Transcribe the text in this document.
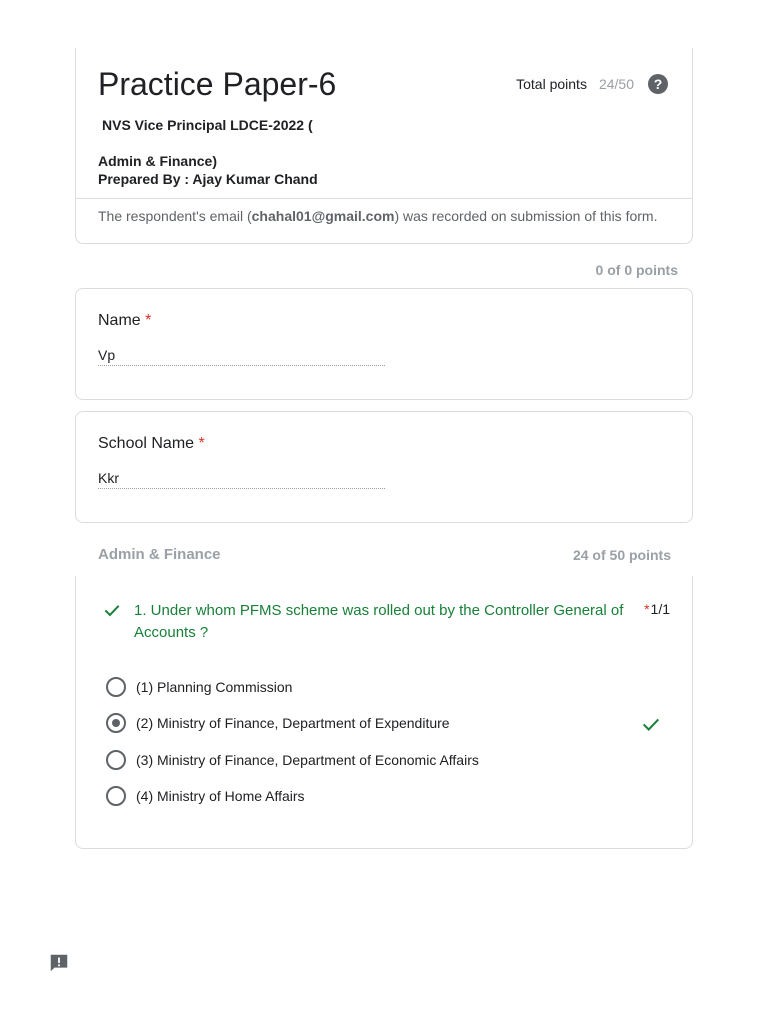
Practice Paper-6	Total points 24/50	?
NVS Vice Principal LDCE-2022 (
Admin & Finance)
Prepared By : Ajay Kumar Chand
The respondent's email (chahal01@gmail.com) was recorded on submission of this form.
0 of 0 points
Name *
Vp
School Name *
Kkr
Admin & Finance	24 of 50 points
1. Under whom PFMS scheme was rolled out by the Controller General of Accounts ?
*1/1
(1) Planning Commission
(2) Ministry of Finance, Department of Expenditure
(3) Ministry of Finance, Department of Economic Affairs
(4) Ministry of Home Affairs
